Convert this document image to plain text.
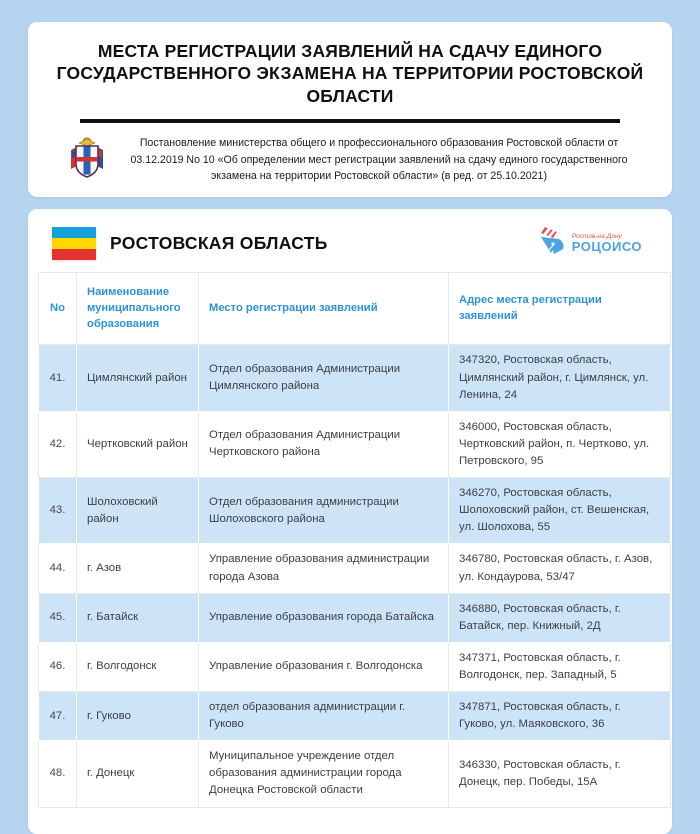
МЕСТА РЕГИСТРАЦИИ ЗАЯВЛЕНИЙ НА СДАЧУ ЕДИНОГО
ГОСУДАРСТВЕННОГО ЭКЗАМЕНА НА ТЕРРИТОРИИ РОСТОВСКОЙ ОБЛАСТИ
Постановление министерства общего и профессионального образования Ростовской области от 03.12.2019 No 10 «Об определении мест регистрации заявлений на сдачу единого государственного экзамена на территории Ростовской области» (в ред. от 25.10.2021)
РОСТОВСКАЯ ОБЛАСТЬ	Ростов-на-Дону
РОЦОИСО
No	Наименование муниципального образования	Место регистрации заявлений	Адрес места регистрации заявлений
41.	Цимлянский район	Отдел образования Администрации Цимлянского района	347320, Ростовская область, Цимлянский район, г. Цимлянск, ул. Ленина, 24
42.	Чертковский район	Отдел образования Администрации Чертковского района	346000, Ростовская область, Чертковский район, п. Чертково, ул. Петровского, 95
43.	Шолоховский район	Отдел образования администрации Шолоховского района	346270, Ростовская область, Шолоховский район, ст. Вешенская, ул. Шолохова, 55
44.	г. Азов	Управление образования администрации города Азова	346780, Ростовская область, г. Азов, ул. Кондаурова, 53/47
45.	г. Батайск	Управление образования города Батайска	346880, Ростовская область, г. Батайск, пер. Книжный, 2Д
46.	г. Волгодонск	Управление образования г. Волгодонска	347371, Ростовская область, г. Волгодонск, пер. Западный, 5
47.	г. Гуково	отдел образования администрации г. Гуково	347871, Ростовская область, г. Гуково, ул. Маяковского, 36
48.	г. Донецк	Муниципальное учреждение отдел образования администрации города Донецка Ростовской области	346330, Ростовская область, г. Донецк, пер. Победы, 15А
